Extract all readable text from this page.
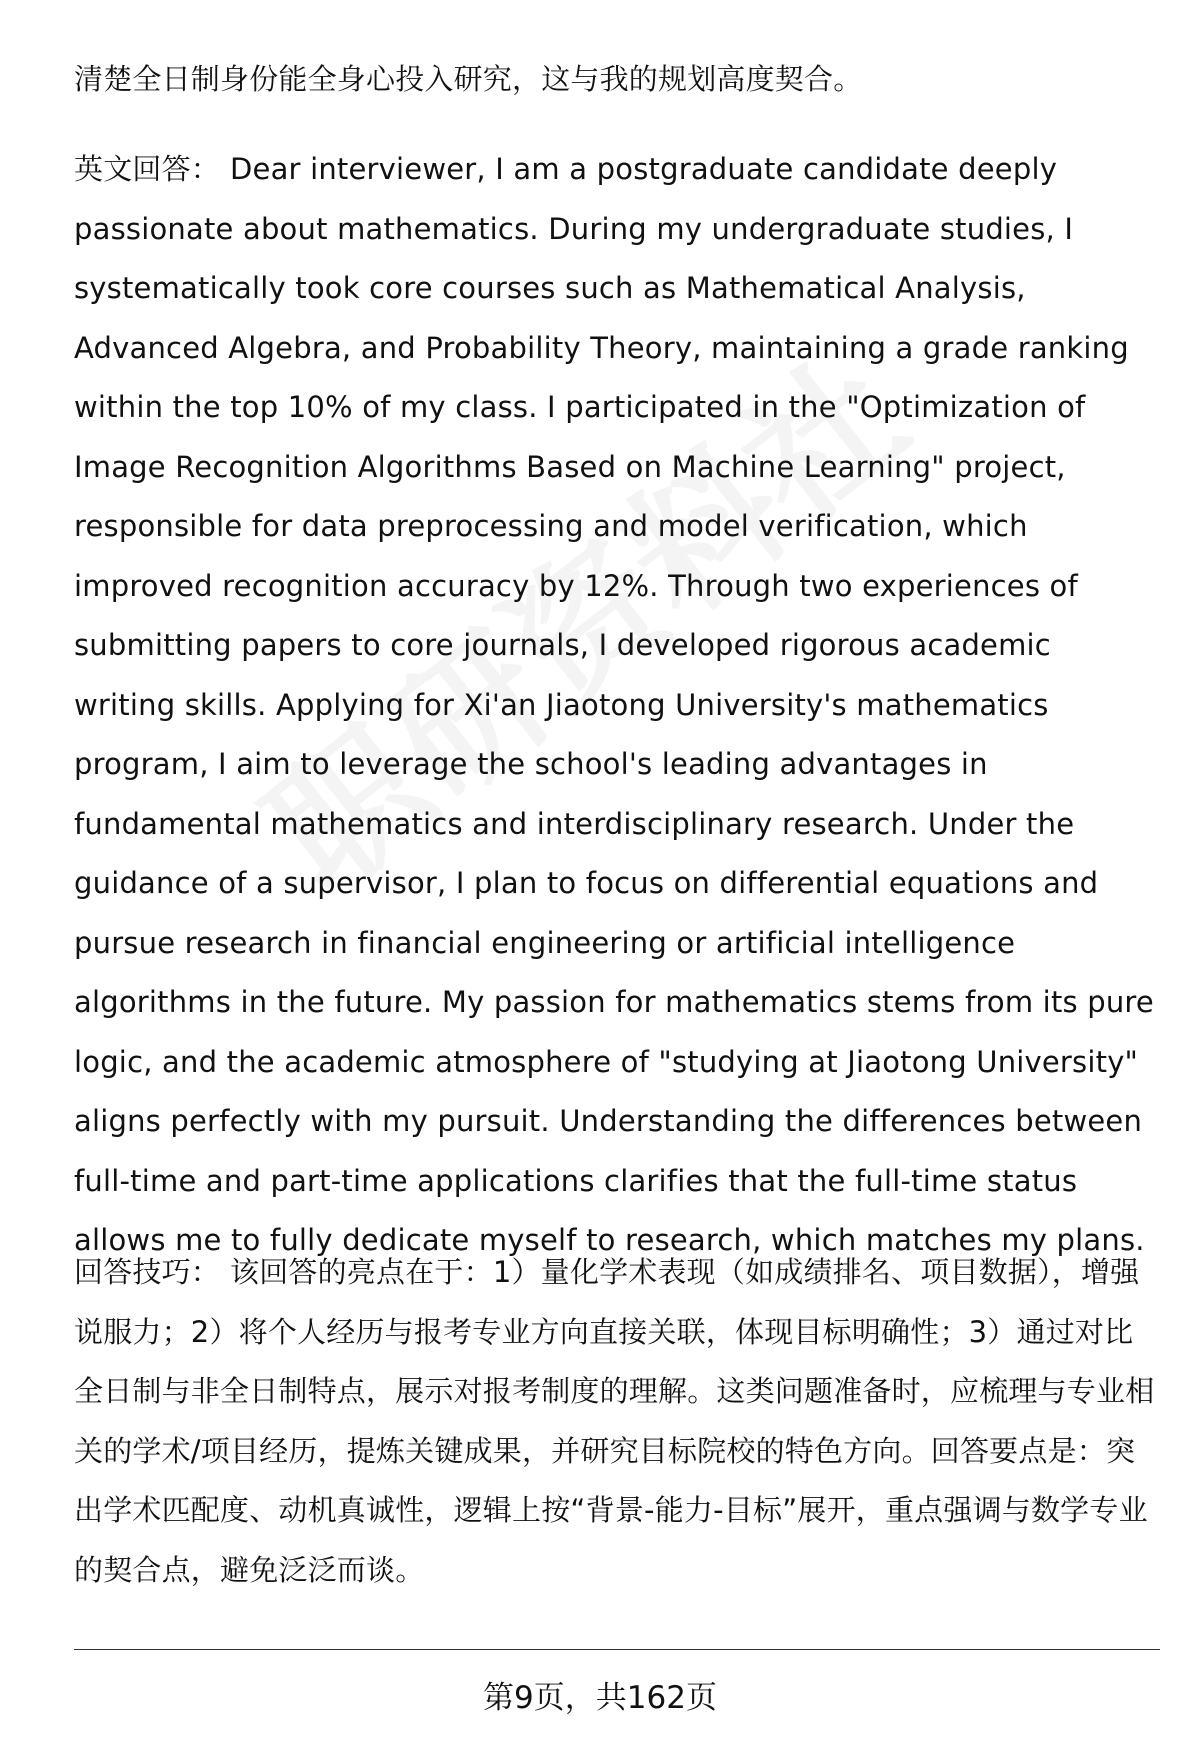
清楚全日制身份能全身心投入研究，这与我的规划高度契合。

英文回答： Dear interviewer, I am a postgraduate candidate deeply passionate about mathematics. During my undergraduate studies, I systematically took core courses such as Mathematical Analysis, Advanced Algebra, and Probability Theory, maintaining a grade ranking within the top 10% of my class. I participated in the "Optimization of Image Recognition Algorithms Based on Machine Learning" project, responsible for data preprocessing and model verification, which improved recognition accuracy by 12%. Through two experiences of submitting papers to core journals, I developed rigorous academic writing skills. Applying for Xi'an Jiaotong University's mathematics program, I aim to leverage the school's leading advantages in fundamental mathematics and interdisciplinary research. Under the guidance of a supervisor, I plan to focus on differential equations and pursue research in financial engineering or artificial intelligence algorithms in the future. My passion for mathematics stems from its pure logic, and the academic atmosphere of "studying at Jiaotong University" aligns perfectly with my pursuit. Understanding the differences between full-time and part-time applications clarifies that the full-time status allows me to fully dedicate myself to research, which matches my plans.

回答技巧： 该回答的亮点在于：1）量化学术表现（如成绩排名、项目数据），增强说服力；2）将个人经历与报考专业方向直接关联，体现目标明确性；3）通过对比全日制与非全日制特点，展示对报考制度的理解。这类问题准备时，应梳理与专业相关的学术/项目经历，提炼关键成果，并研究目标院校的特色方向。回答要点是：突出学术匹配度、动机真诚性，逻辑上按“背景-能力-目标”展开，重点强调与数学专业的契合点，避免泛泛而谈。

第9页，共162页
